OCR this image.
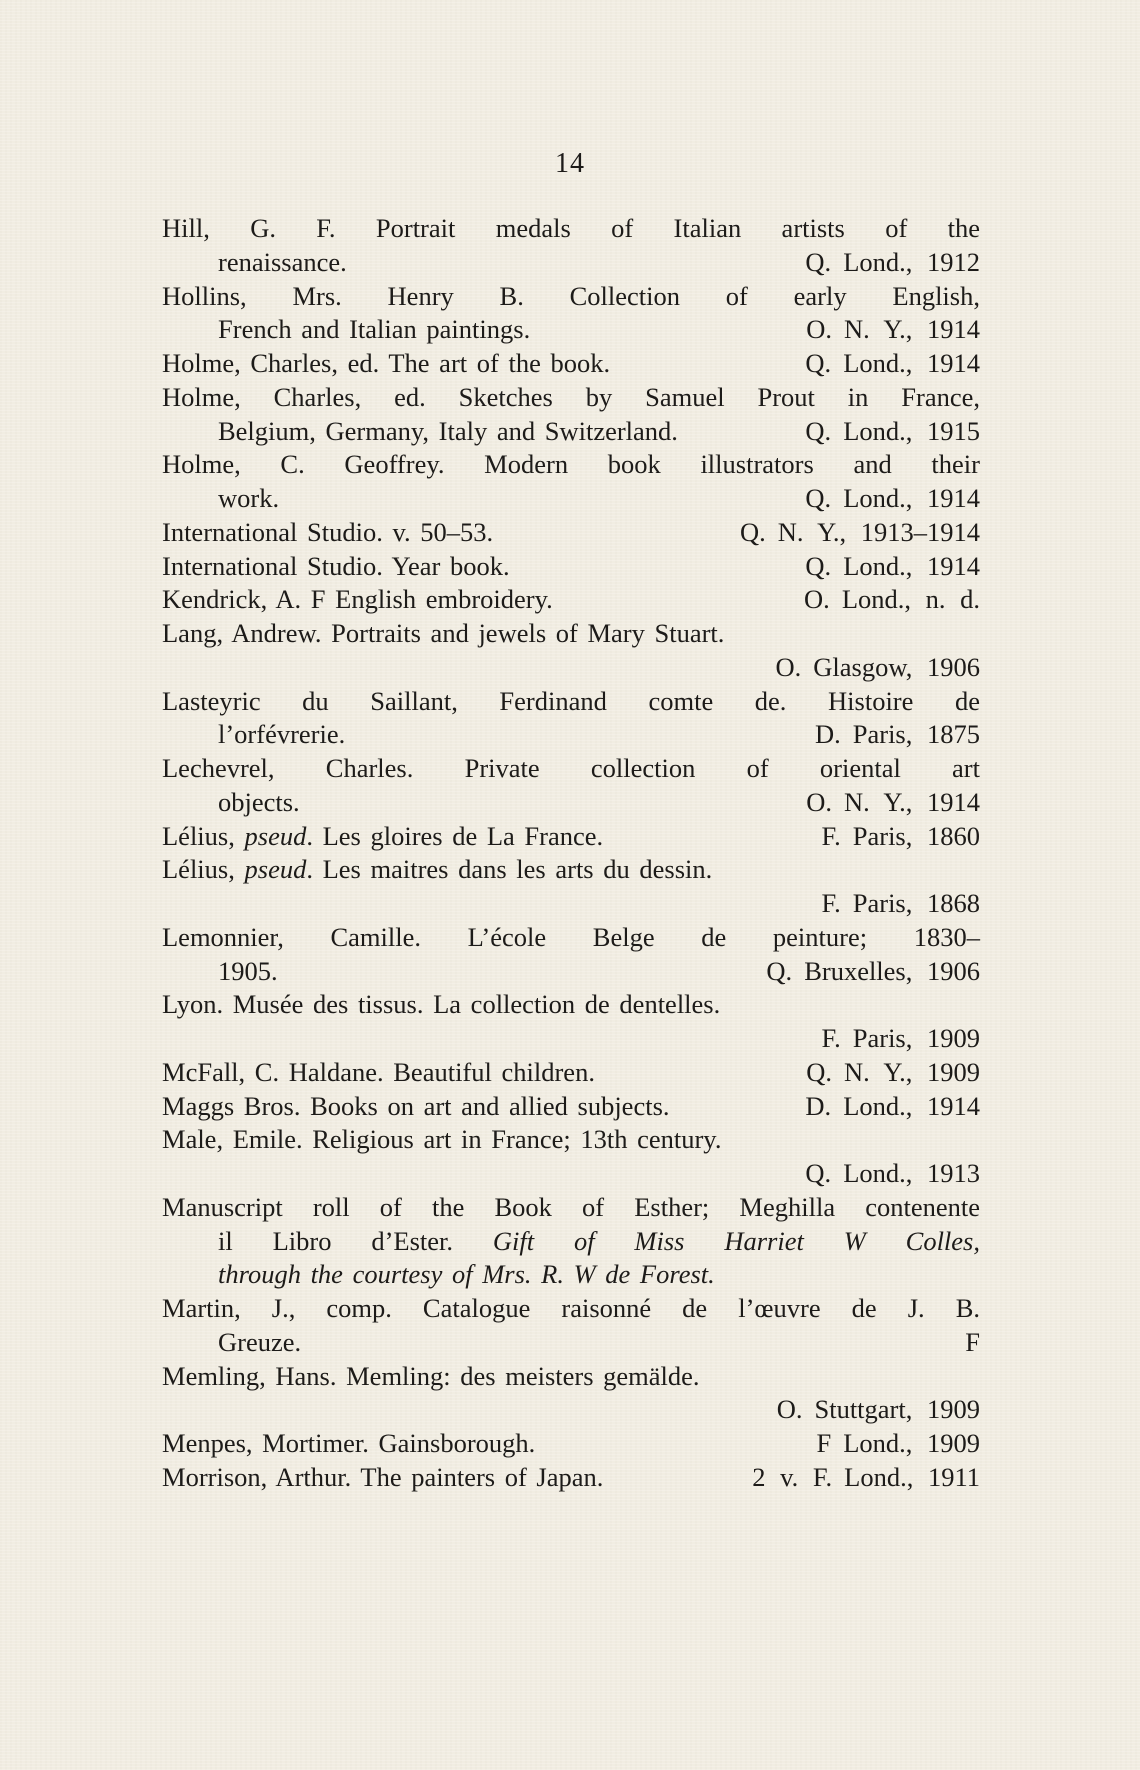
14
Hill, G. F. Portrait medals of Italian artists of the
renaissance.	Q. Lond., 1912
Hollins, Mrs. Henry B. Collection of early English,
French and Italian paintings.	O. N. Y., 1914
Holme, Charles, ed. The art of the book.	Q. Lond., 1914
Holme, Charles, ed. Sketches by Samuel Prout in France,
Belgium, Germany, Italy and Switzerland.	Q. Lond., 1915
Holme, C. Geoffrey. Modern book illustrators and their
work.	Q. Lond., 1914
International Studio. v. 50–53.	Q. N. Y., 1913–1914
International Studio. Year book.	Q. Lond., 1914
Kendrick, A. F English embroidery.	O. Lond., n. d.
Lang, Andrew. Portraits and jewels of Mary Stuart.
O. Glasgow, 1906
Lasteyric du Saillant, Ferdinand comte de. Histoire de
l’orfévrerie.	D. Paris, 1875
Lechevrel, Charles. Private collection of oriental art
objects.	O. N. Y., 1914
Lélius, pseud. Les gloires de La France.	F. Paris, 1860
Lélius, pseud. Les maitres dans les arts du dessin.
F. Paris, 1868
Lemonnier, Camille. L’école Belge de peinture; 1830–
1905.	Q. Bruxelles, 1906
Lyon. Musée des tissus. La collection de dentelles.
F. Paris, 1909
McFall, C. Haldane. Beautiful children.	Q. N. Y., 1909
Maggs Bros. Books on art and allied subjects.	D. Lond., 1914
Male, Emile. Religious art in France; 13th century.
Q. Lond., 1913
Manuscript roll of the Book of Esther; Meghilla contenente
il Libro d’Ester. Gift of Miss Harriet W Colles,
through the courtesy of Mrs. R. W de Forest.
Martin, J., comp. Catalogue raisonné de l’œuvre de J. B.
Greuze.	F
Memling, Hans. Memling: des meisters gemälde.
O. Stuttgart, 1909
Menpes, Mortimer. Gainsborough.	F Lond., 1909
Morrison, Arthur. The painters of Japan.	2 v. F. Lond., 1911
